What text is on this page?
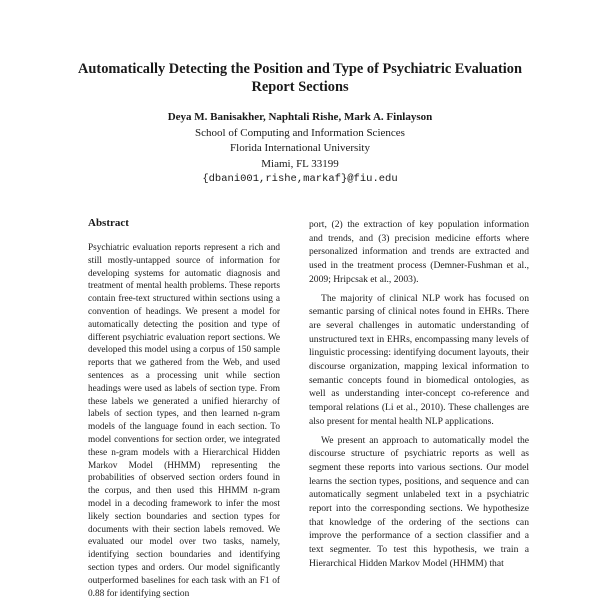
Automatically Detecting the Position and Type of Psychiatric Evaluation Report Sections
Deya M. Banisakher, Naphtali Rishe, Mark A. Finlayson
School of Computing and Information Sciences
Florida International University
Miami, FL 33199
{dbani001,rishe,markaf}@fiu.edu

Abstract

Psychiatric evaluation reports represent a rich and still mostly-untapped source of information for developing systems for automatic diagnosis and treatment of mental health problems. These reports contain free-text structured within sections using a convention of headings. We present a model for automatically detecting the position and type of different psychiatric evaluation report sections. We developed this model using a corpus of 150 sample reports that we gathered from the Web, and used sentences as a processing unit while section headings were used as labels of section type. From these labels we generated a unified hierarchy of labels of section types, and then learned n-gram models of the language found in each section. To model conventions for section order, we integrated these n-gram models with a Hierarchical Hidden Markov Model (HHMM) representing the probabilities of observed section orders found in the corpus, and then used this HHMM n-gram model in a decoding framework to infer the most likely section boundaries and section types for documents with their section labels removed. We evaluated our model over two tasks, namely, identifying section boundaries and identifying section types and orders. Our model significantly outperformed baselines for each task with an F1 of 0.88 for identifying section

port, (2) the extraction of key population information and trends, and (3) precision medicine efforts where personalized information and trends are extracted and used in the treatment process (Demner-Fushman et al., 2009; Hripcsak et al., 2003).

The majority of clinical NLP work has focused on semantic parsing of clinical notes found in EHRs. There are several challenges in automatic understanding of unstructured text in EHRs, encompassing many levels of linguistic processing: identifying document layouts, their discourse organization, mapping lexical information to semantic concepts found in biomedical ontologies, as well as understanding inter-concept co-reference and temporal relations (Li et al., 2010). These challenges are also present for mental health NLP applications.

We present an approach to automatically model the discourse structure of psychiatric reports as well as segment these reports into various sections. Our model learns the section types, positions, and sequence and can automatically segment unlabeled text in a psychiatric report into the corresponding sections. We hypothesize that knowledge of the ordering of the sections can improve the performance of a section classifier and a text segmenter. To test this hypothesis, we train a Hierarchical Hidden Markov Model (HHMM) that
